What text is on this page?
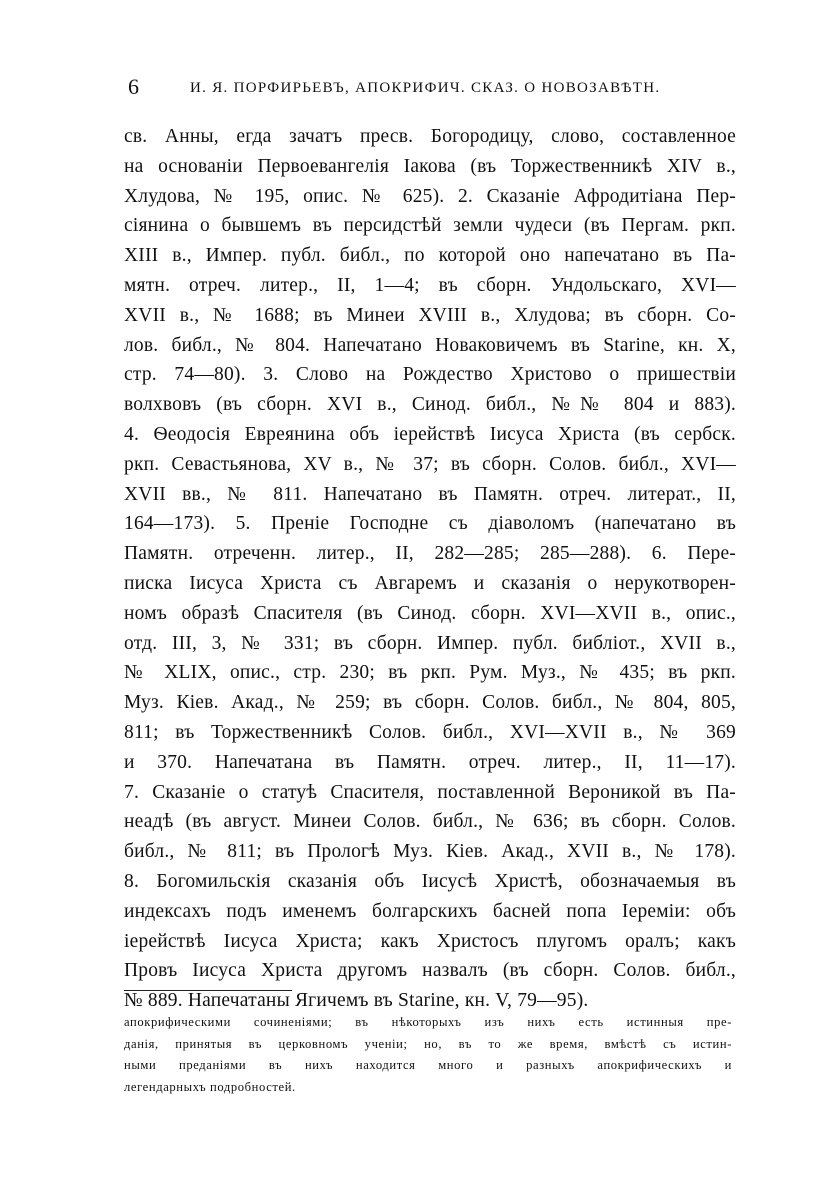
6	И. Я. ПОРФИРЬЕВЪ, АПОКРИФИЧ. СКАЗ. О НОВОЗАВѢТН.
св. Анны, егда зачатъ пресв. Богородицу, слово, составленное
на основаніи Первоевангелія Іакова (въ Торжественникѣ XIV в.,
Хлудова, № 195, опис. № 625). 2. Сказаніе Афродитіана Пер-
сіянина о бывшемъ въ персидстѣй земли чудеси (въ Пергам. ркп.
XIII в., Импер. публ. библ., по которой оно напечатано въ Па-
мятн. отреч. литер., II, 1—4; въ сборн. Ундольскаго, XVI—
XVII в., № 1688; въ Минеи XVIII в., Хлудова; въ сборн. Со-
лов. библ., № 804. Напечатано Новаковичемъ въ Starine, кн. X,
стр. 74—80). 3. Слово на Рождество Христово о пришествіи
волхвовъ (въ сборн. XVI в., Синод. библ., №№ 804 и 883).
4. Ѳеодосія Евреянина объ іерействѣ Іисуса Христа (въ сербск.
ркп. Севастьянова, XV в., № 37; въ сборн. Солов. библ., XVI—
XVII вв., № 811. Напечатано въ Памятн. отреч. литерат., II,
164—173). 5. Преніе Господне съ діаволомъ (напечатано въ
Памятн. отреченн. литер., II, 282—285; 285—288). 6. Пере-
писка Іисуса Христа съ Авгаремъ и сказанія о нерукотворен-
номъ образѣ Спасителя (въ Синод. сборн. XVI—XVII в., опис.,
отд. III, 3, № 331; въ сборн. Импер. публ. библіот., XVII в.,
№ XLIX, опис., стр. 230; въ ркп. Рум. Муз., № 435; въ ркп.
Муз. Кіев. Акад., № 259; въ сборн. Солов. библ., № 804, 805,
811; въ Торжественникѣ Солов. библ., XVI—XVII в., № 369
и 370. Напечатана въ Памятн. отреч. литер., II, 11—17).
7. Сказаніе о статуѣ Спасителя, поставленной Вероникой въ Па-
неадѣ (въ август. Минеи Солов. библ., № 636; въ сборн. Солов.
библ., № 811; въ Прологѣ Муз. Кіев. Акад., XVII в., № 178).
8. Богомильскія сказанія объ Іисусѣ Христѣ, обозначаемыя въ
индексахъ подъ именемъ болгарскихъ басней попа Іереміи: объ
іерействѣ Іисуса Христа; какъ Христосъ плугомъ оралъ; какъ
Провъ Іисуса Христа другомъ назвалъ (въ сборн. Солов. библ.,
№ 889. Напечатаны Ягичемъ въ Starine, кн. V, 79—95).
апокрифическими сочиненіями; въ нѣкоторыхъ изъ нихъ есть истинныя пре-
данія, принятыя въ церковномъ ученіи; но, въ то же время, вмѣстѣ съ истин-
ными преданіями въ нихъ находится много и разныхъ апокрифическихъ и
легендарныхъ подробностей.
